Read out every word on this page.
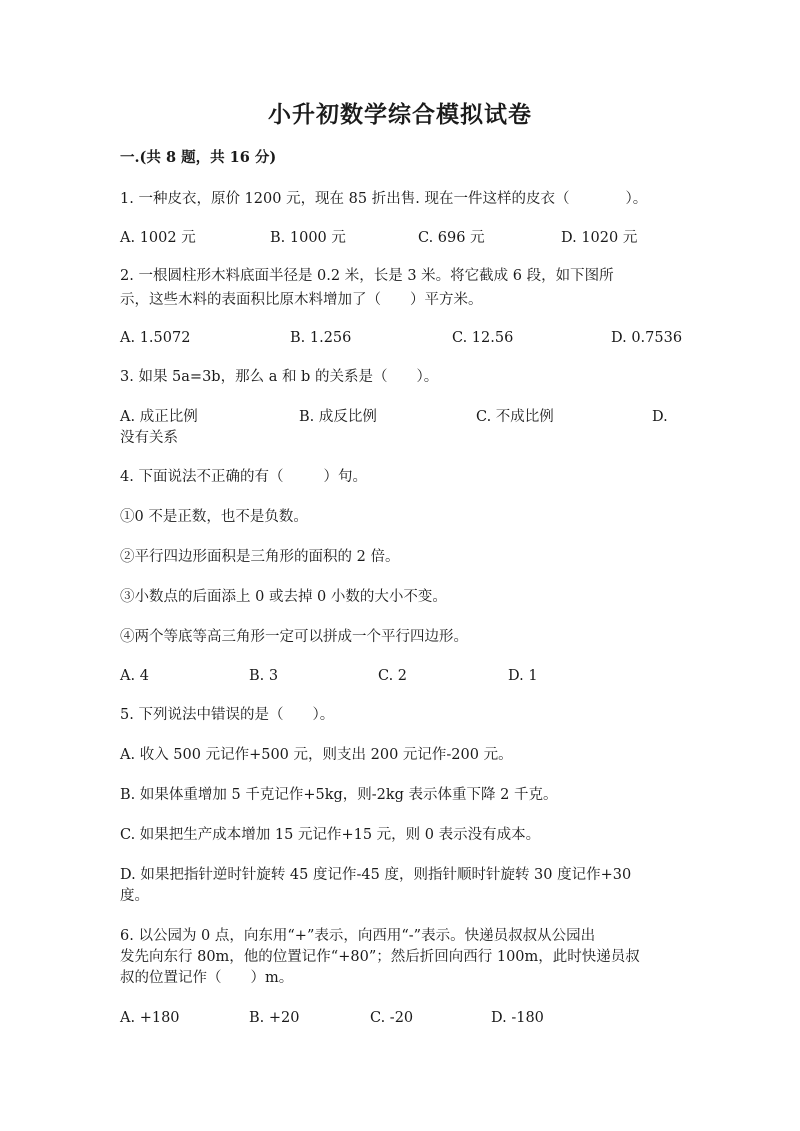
小升初数学综合模拟试卷
一.(共 8 题，共 16 分)
1. 一种皮衣，原价 1200 元，现在 85 折出售. 现在一件这样的皮衣（	）。
A. 1002 元	B. 1000 元	C. 696 元	D. 1020 元
2. 一根圆柱形木料底面半径是 0.2 米，长是 3 米。将它截成 6 段，如下图所
示，这些木料的表面积比原木料增加了（　　）平方米。
A. 1.5072	B. 1.256	C. 12.56	D. 0.7536
3. 如果 5a=3b，那么 a 和 b 的关系是（　　）。
A. 成正比例	B. 成反比例	C. 不成比例	D.
没有关系
4. 下面说法不正确的有（	）句。
①0 不是正数，也不是负数。
②平行四边形面积是三角形的面积的 2 倍。
③小数点的后面添上 0 或去掉 0 小数的大小不变。
④两个等底等高三角形一定可以拼成一个平行四边形。
A. 4	B. 3	C. 2	D. 1
5. 下列说法中错误的是（　　）。
A. 收入 500 元记作+500 元，则支出 200 元记作-200 元。
B. 如果体重增加 5 千克记作+5kg，则-2kg 表示体重下降 2 千克。
C. 如果把生产成本增加 15 元记作+15 元，则 0 表示没有成本。
D. 如果把指针逆时针旋转 45 度记作-45 度，则指针顺时针旋转 30 度记作+30
度。
6. 以公园为 0 点，向东用“+”表示，向西用“-”表示。快递员叔叔从公园出
发先向东行 80m，他的位置记作“+80”；然后折回向西行 100m，此时快递员叔
叔的位置记作（　　）m。
A. +180	B. +20	C. -20	D. -180
